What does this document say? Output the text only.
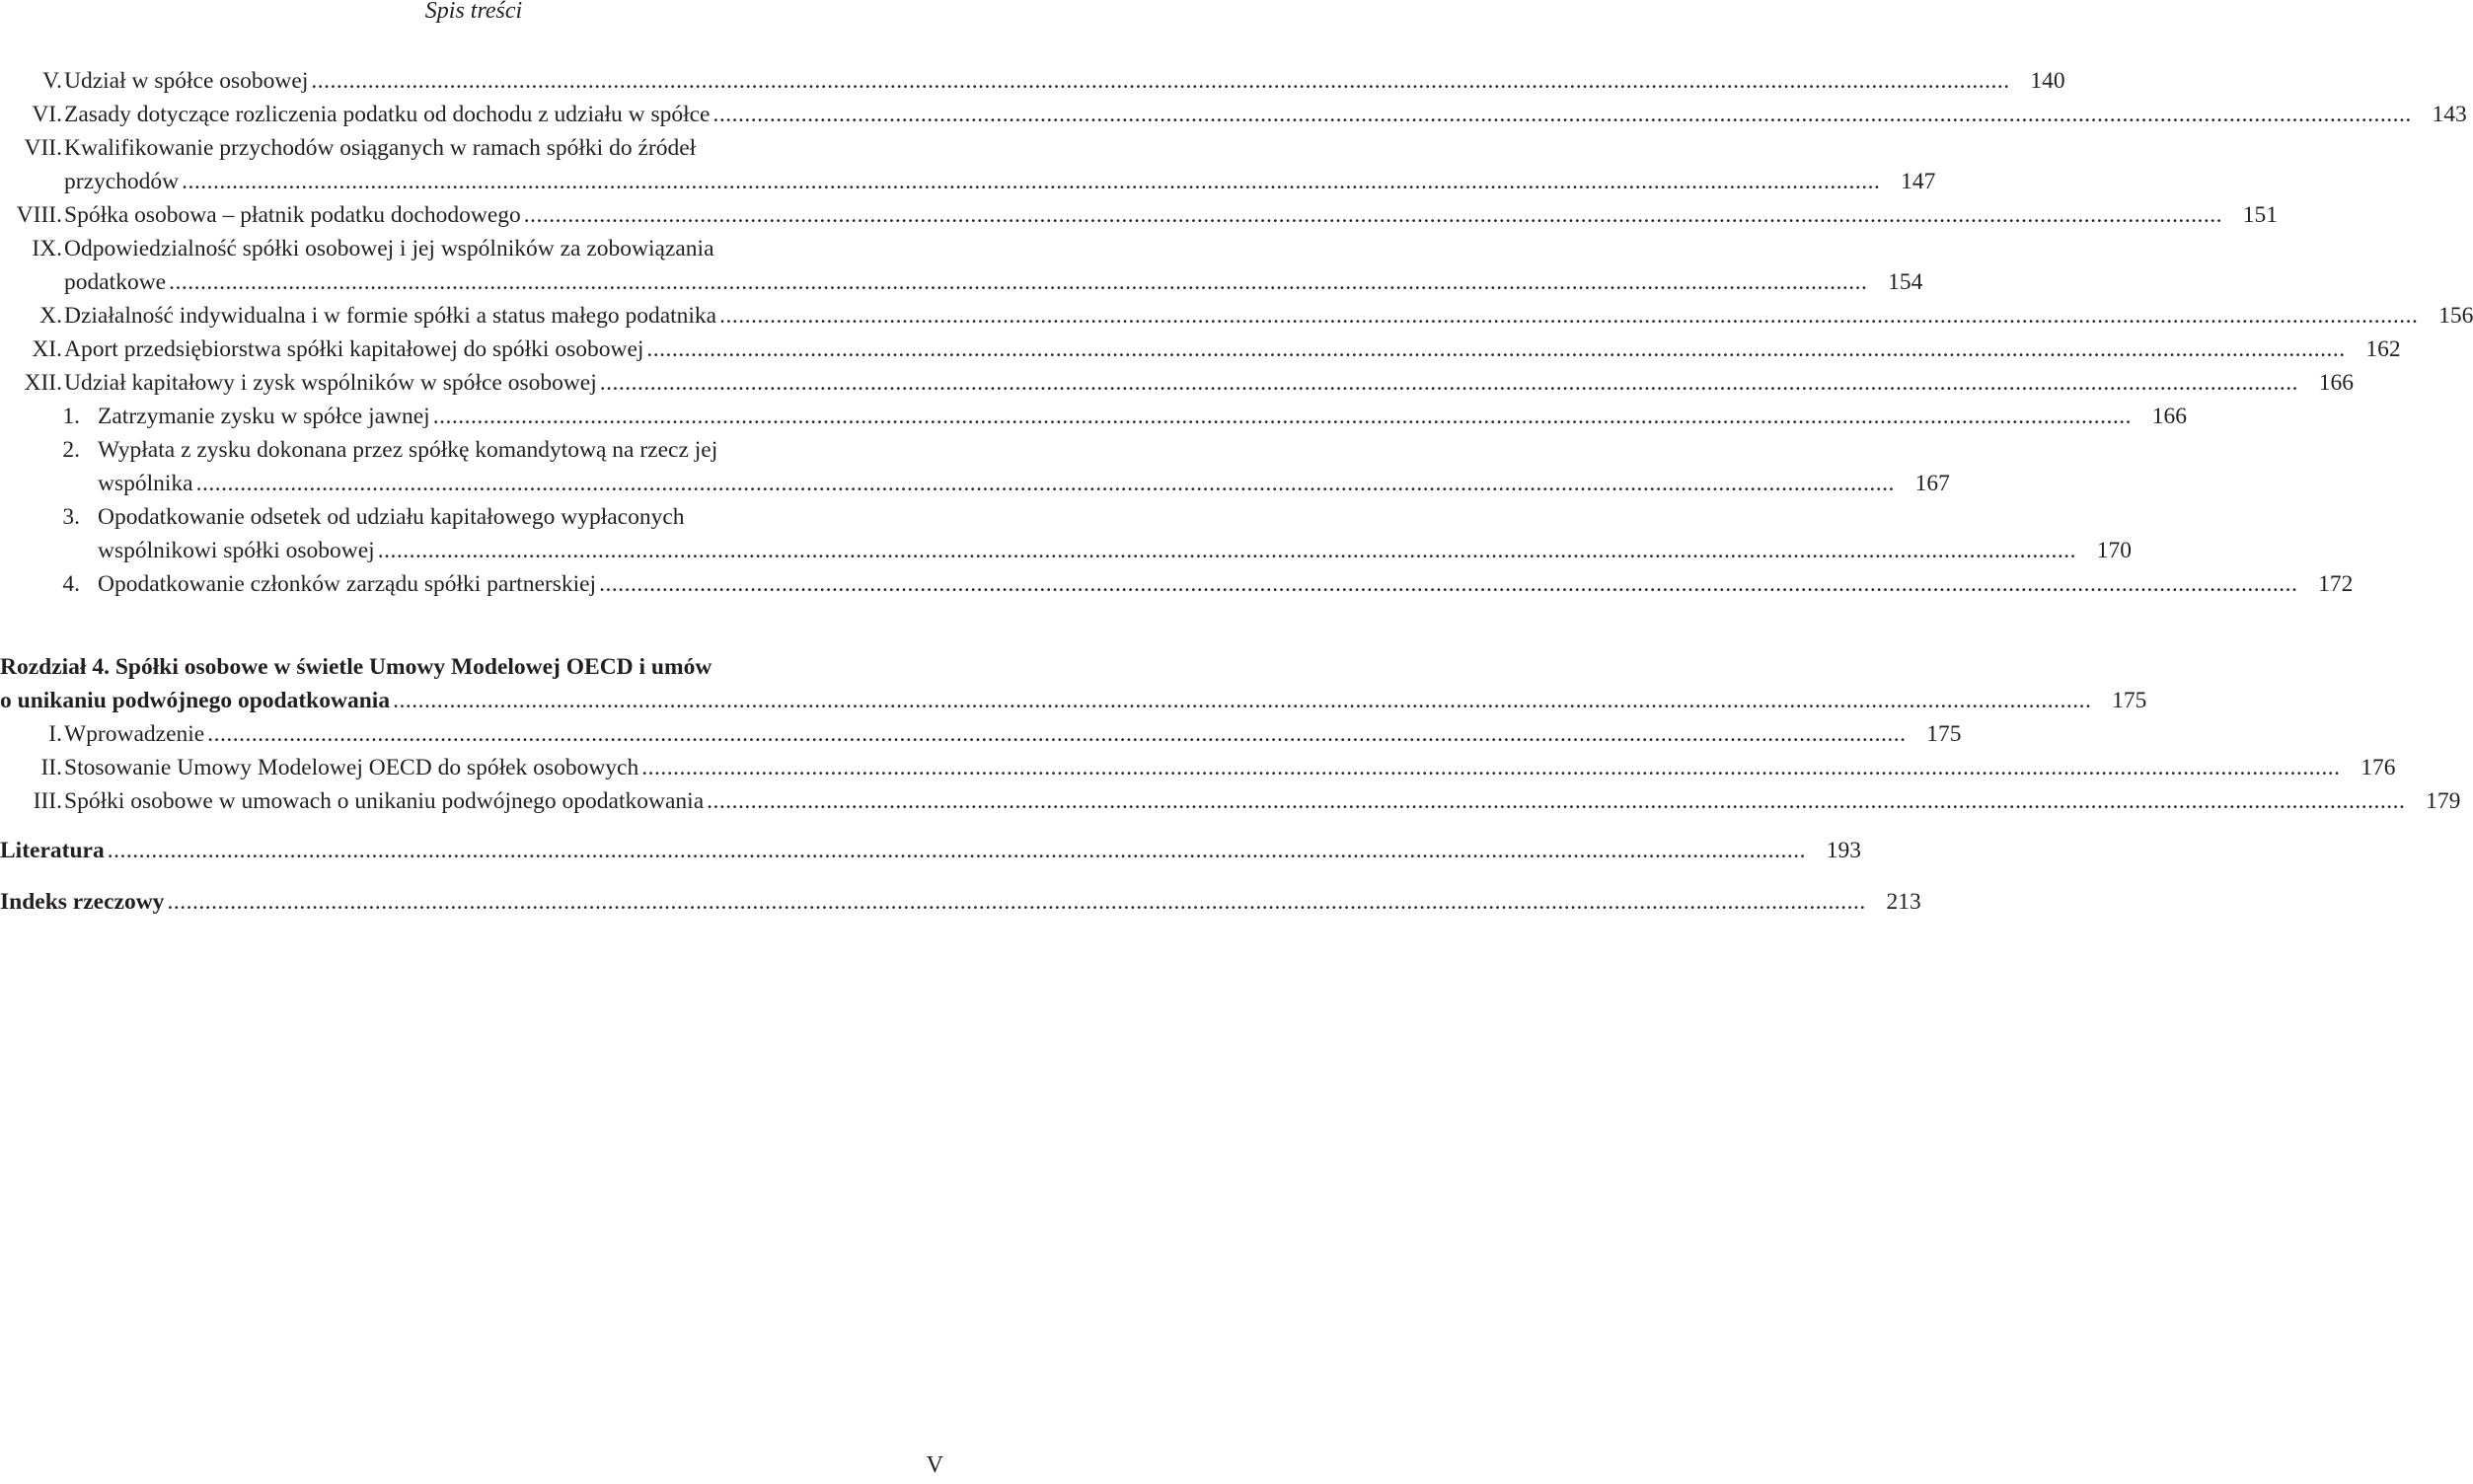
Spis treści
V. Udział w spółce osobowej .....	140
VI. Zasady dotyczące rozliczenia podatku od dochodu z udziału w spółce .....	143
VII. Kwalifikowanie przychodów osiąganych w ramach spółki do źródeł
przychodów .....	147
VIII. Spółka osobowa – płatnik podatku dochodowego .....	151
IX. Odpowiedzialność spółki osobowej i jej wspólników za zobowiązania
podatkowe .....	154
X. Działalność indywidualna i w formie spółki a status małego podatnika .....	156
XI. Aport przedsiębiorstwa spółki kapitałowej do spółki osobowej .....	162
XII. Udział kapitałowy i zysk wspólników w spółce osobowej .....	166
1. Zatrzymanie zysku w spółce jawnej .....	166
2. Wypłata z zysku dokonana przez spółkę komandytową na rzecz jej
wspólnika .....	167
3. Opodatkowanie odsetek od udziału kapitałowego wypłaconych
wspólnikowi spółki osobowej .....	170
4. Opodatkowanie członków zarządu spółki partnerskiej .....	172
Rozdział 4. Spółki osobowe w świetle Umowy Modelowej OECD i umów
o unikaniu podwójnego opodatkowania .....	175
I. Wprowadzenie .....	175
II. Stosowanie Umowy Modelowej OECD do spółek osobowych .....	176
III. Spółki osobowe w umowach o unikaniu podwójnego opodatkowania .....	179
Literatura .....	193
Indeks rzeczowy .....	213
V
